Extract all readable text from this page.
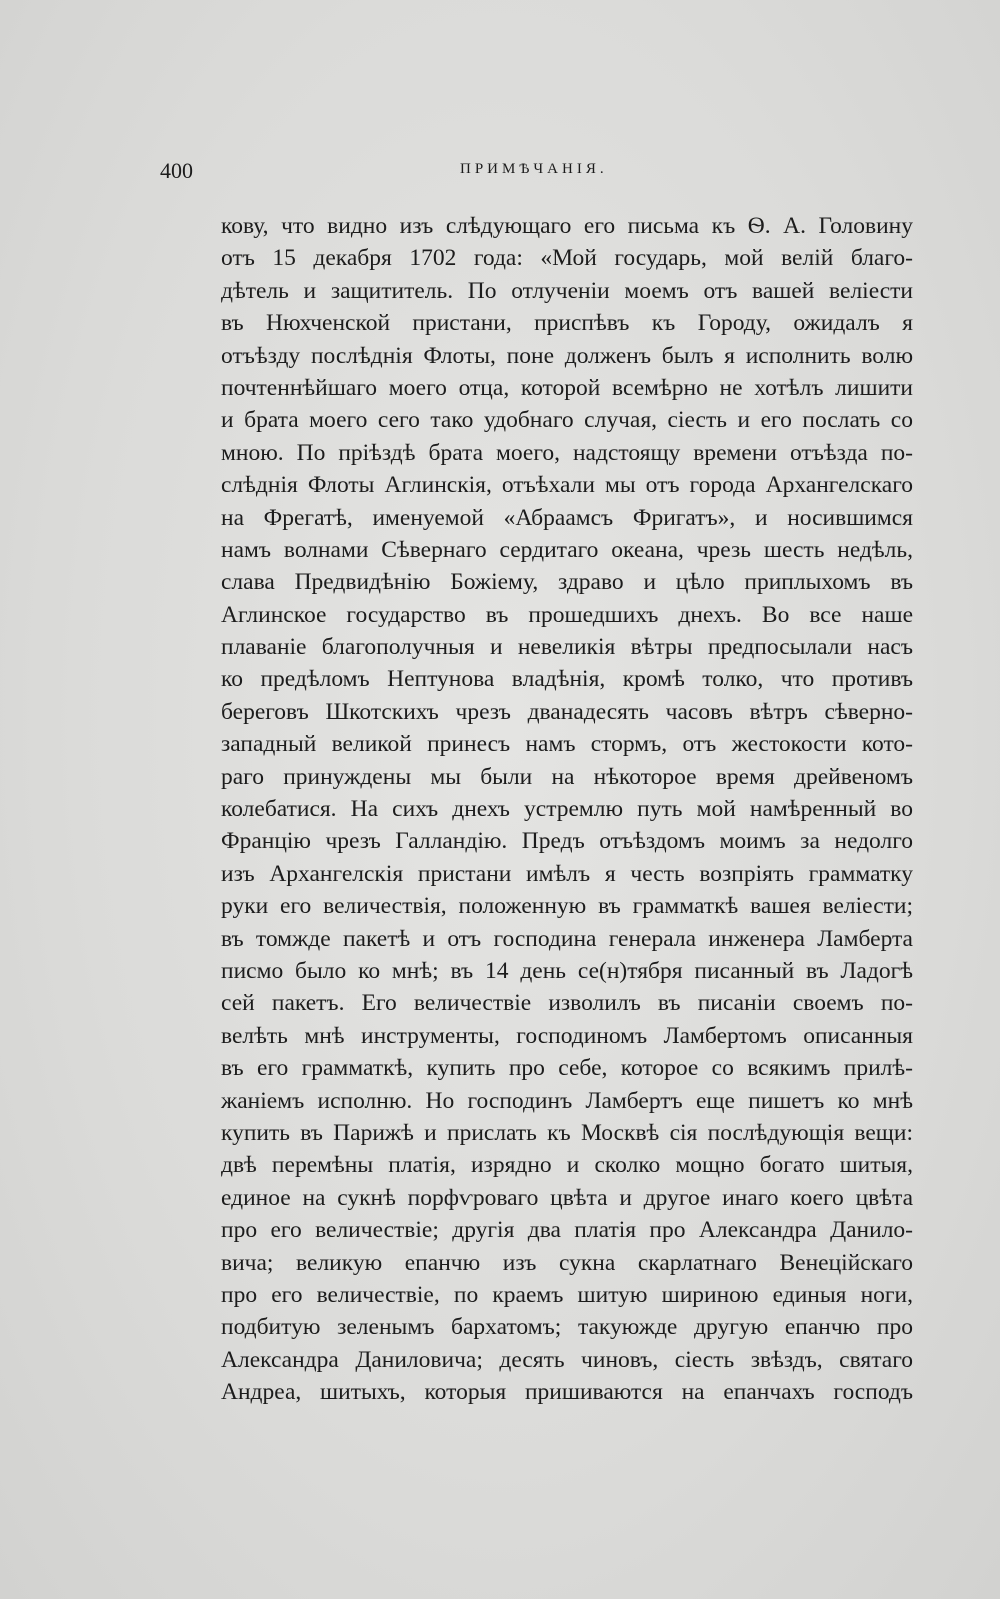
400	ПРИМѢЧАНІЯ.
кову, что видно изъ слѣдующаго его письма къ Ѳ. А. Головину
отъ 15 декабря 1702 года: «Мой государь, мой велій благо-
дѣтель и защититель. По отлученіи моемъ отъ вашей веліести
въ Нюхченской пристани, приспѣвъ къ Городу, ожидалъ я
отъѣзду послѣднія Флоты, поне долженъ былъ я исполнить волю
почтеннѣйшаго моего отца, которой всемѣрно не хотѣлъ лишити
и брата моего сего тако удобнаго случая, сіесть и его послать со
мною. По пріѣздѣ брата моего, надстоящу времени отъѣзда по-
слѣднія Флоты Аглинскія, отъѣхали мы отъ города Архангелскаго
на Фрегатѣ, именуемой «Абраамсъ Фригатъ», и носившимся
намъ волнами Сѣвернаго сердитаго океана, чрезь шесть недѣль,
слава Предвидѣнію Божіему, здраво и цѣло приплыхомъ въ
Аглинское государство въ прошедшихъ днехъ. Во все наше
плаваніе благополучныя и невеликія вѣтры предпосылали насъ
ко предѣломъ Нептунова владѣнія, кромѣ толко, что противъ
береговъ Шкотскихъ чрезъ дванадесять часовъ вѣтръ сѣверно-
западный великой принесъ намъ стормъ, отъ жестокости кото-
раго принуждены мы были на нѣкоторое время дрейвеномъ
колебатися. На сихъ днехъ устремлю путь мой намѣренный во
Францію чрезъ Галландію. Предъ отъѣздомъ моимъ за недолго
изъ Архангелскія пристани имѣлъ я честь возпріять грамматку
руки его величествія, положенную въ грамматкѣ вашея веліести;
въ томжде пакетѣ и отъ господина генерала инженера Ламберта
писмо было ко мнѣ; въ 14 день се(н)тября писанный въ Ладогѣ
сей пакетъ. Его величествіе изволилъ въ писаніи своемъ по-
велѣть мнѣ инструменты, господиномъ Ламбертомъ описанныя
въ его грамматкѣ, купить про себе, которое со всякимъ прилѣ-
жаніемъ исполню. Но господинъ Ламбертъ еще пишетъ ко мнѣ
купить въ Парижѣ и прислать къ Москвѣ сія послѣдующія вещи:
двѣ перемѣны платія, изрядно и сколко мощно богато шитыя,
единое на сукнѣ порфѵроваго цвѣта и другое инаго коего цвѣта
про его величествіе; другія два платія про Александра Данило-
вича; великую епанчю изъ сукна скарлатнаго Венеційскаго
про его величествіе, по краемъ шитую шириною единыя ноги,
подбитую зеленымъ бархатомъ; такуюжде другую епанчю про
Александра Даниловича; десять чиновъ, сіесть звѣздъ, святаго
Андреа, шитыхъ, которыя пришиваются на епанчахъ господъ
